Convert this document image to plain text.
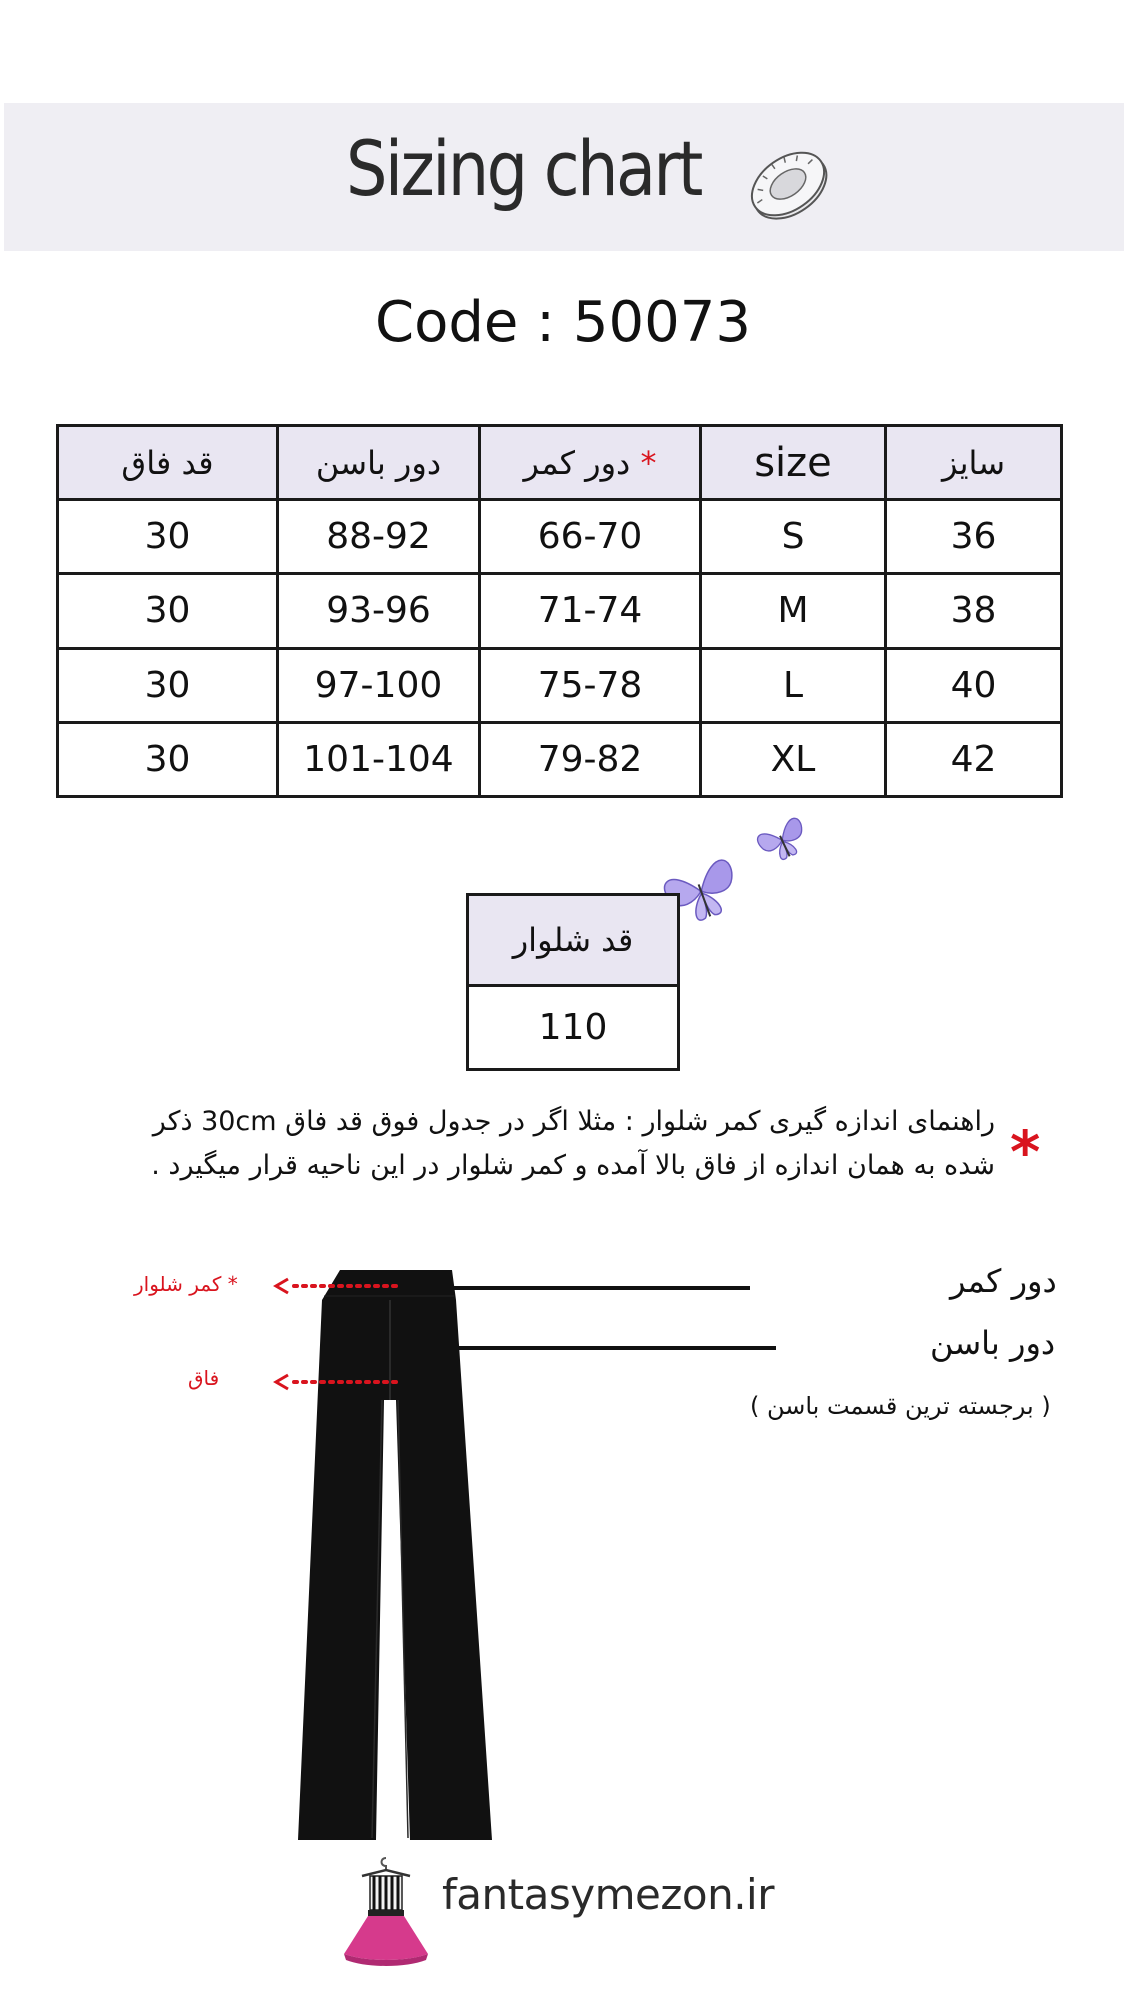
Sizing chart
Code : 50073
قد فاق	دور باسن	دور کمر *	size	سایز
30	88-92	66-70	S	36
30	93-96	71-74	M	38
30	97-100	75-78	L	40
30	101-104	79-82	XL	42
قد شلوار
110
*
راهنمای اندازه گیری کمر شلوار : مثلا اگر در جدول فوق قد فاق 30cm ذکر
شده به همان اندازه از فاق بالا آمده و کمر شلوار در این ناحیه قرار میگیرد .
* کمر شلوار
فاق
دور کمر
دور باسن
( برجسته ترین قسمت باسن )
fantasymezon.ir
